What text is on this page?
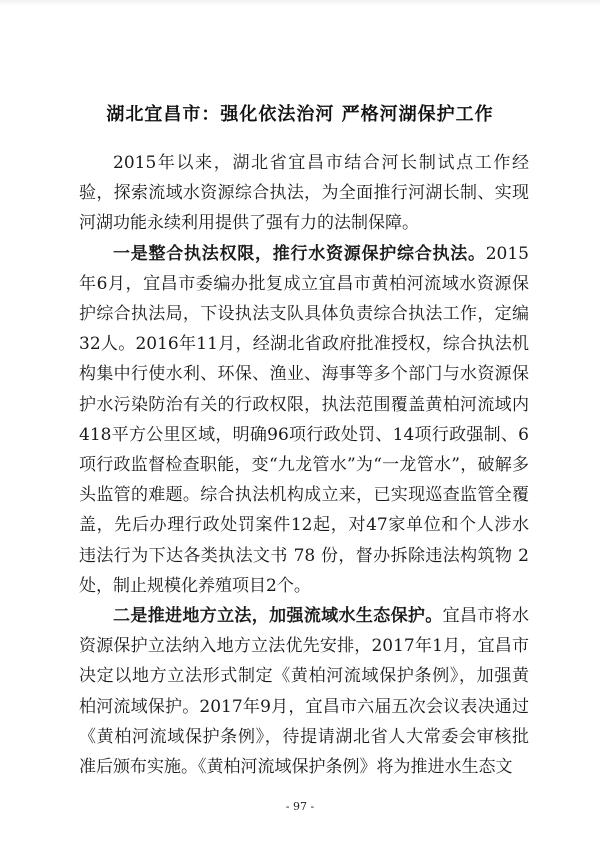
湖北宜昌市：强化依法治河 严格河湖保护工作

2015年以来，湖北省宜昌市结合河长制试点工作经验，探索流域水资源综合执法，为全面推行河湖长制、实现河湖功能永续利用提供了强有力的法制保障。

一是整合执法权限，推行水资源保护综合执法。2015年6月，宜昌市委编办批复成立宜昌市黄柏河流域水资源保护综合执法局，下设执法支队具体负责综合执法工作，定编32人。2016年11月，经湖北省政府批准授权，综合执法机构集中行使水利、环保、渔业、海事等多个部门与水资源保护水污染防治有关的行政权限，执法范围覆盖黄柏河流域内418平方公里区域，明确96项行政处罚、14项行政强制、6项行政监督检查职能，变“九龙管水”为“一龙管水”，破解多头监管的难题。综合执法机构成立来，已实现巡查监管全覆盖，先后办理行政处罚案件12起，对47家单位和个人涉水违法行为下达各类执法文书 78 份，督办拆除违法构筑物 2处，制止规模化养殖项目2个。

二是推进地方立法，加强流域水生态保护。宜昌市将水资源保护立法纳入地方立法优先安排，2017年1月，宜昌市决定以地方立法形式制定《黄柏河流域保护条例》，加强黄柏河流域保护。2017年9月，宜昌市六届五次会议表决通过《黄柏河流域保护条例》，待提请湖北省人大常委会审核批准后颁布实施。《黄柏河流域保护条例》将为推进水生态文

- 97 -
